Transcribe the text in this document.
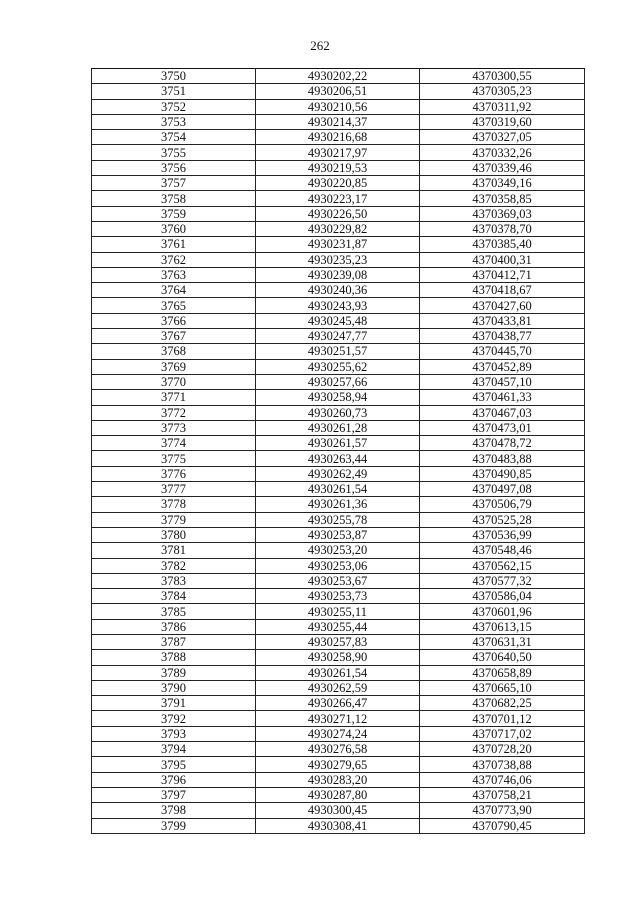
262
3750	4930202,22	4370300,55
3751	4930206,51	4370305,23
3752	4930210,56	4370311,92
3753	4930214,37	4370319,60
3754	4930216,68	4370327,05
3755	4930217,97	4370332,26
3756	4930219,53	4370339,46
3757	4930220,85	4370349,16
3758	4930223,17	4370358,85
3759	4930226,50	4370369,03
3760	4930229,82	4370378,70
3761	4930231,87	4370385,40
3762	4930235,23	4370400,31
3763	4930239,08	4370412,71
3764	4930240,36	4370418,67
3765	4930243,93	4370427,60
3766	4930245,48	4370433,81
3767	4930247,77	4370438,77
3768	4930251,57	4370445,70
3769	4930255,62	4370452,89
3770	4930257,66	4370457,10
3771	4930258,94	4370461,33
3772	4930260,73	4370467,03
3773	4930261,28	4370473,01
3774	4930261,57	4370478,72
3775	4930263,44	4370483,88
3776	4930262,49	4370490,85
3777	4930261,54	4370497,08
3778	4930261,36	4370506,79
3779	4930255,78	4370525,28
3780	4930253,87	4370536,99
3781	4930253,20	4370548,46
3782	4930253,06	4370562,15
3783	4930253,67	4370577,32
3784	4930253,73	4370586,04
3785	4930255,11	4370601,96
3786	4930255,44	4370613,15
3787	4930257,83	4370631,31
3788	4930258,90	4370640,50
3789	4930261,54	4370658,89
3790	4930262,59	4370665,10
3791	4930266,47	4370682,25
3792	4930271,12	4370701,12
3793	4930274,24	4370717,02
3794	4930276,58	4370728,20
3795	4930279,65	4370738,88
3796	4930283,20	4370746,06
3797	4930287,80	4370758,21
3798	4930300,45	4370773,90
3799	4930308,41	4370790,45
